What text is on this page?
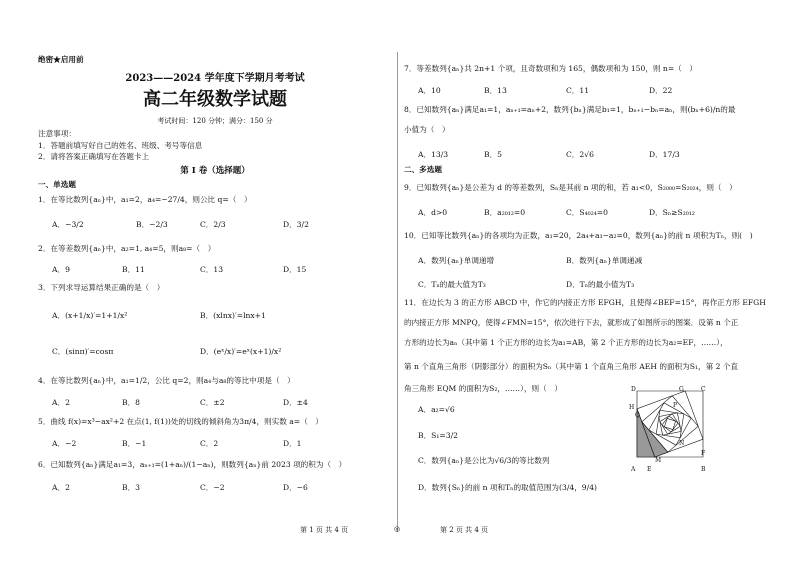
绝密★启用前
2023——2024 学年度下学期月考考试
高二年级数学试题
考试时间：120 分钟；满分：150 分
注意事项：
1．答题前填写好自己的姓名、班级、考号等信息
2．请将答案正确填写在答题卡上
第 I 卷（选择题）
一、单选题
1．在等比数列{aₙ}中，a₁=2，a₄=−27/4，则公比 q=（　）
A．−3/2	B．−2/3	C．2/3	D．3/2
2．在等差数列{aₙ}中，a₂=1, a₄=5，则a₈=（　）
A．9	B．11	C．13	D．15
3．下列求导运算结果正确的是（　）
A．(x+1/x)′=1+1/x²	B．(xlnx)′=lnx+1
C．(sinπ)′=cosπ	D．(eˣ/x)′=eˣ(x+1)/x²
4．在等比数列{aₙ}中，a₁=1/2，公比 q=2，则a₄与a₈的等比中项是（　）
A．2	B．8	C．±2	D．±4
5．曲线 f(x)=x³−ax²+2 在点(1, f(1))处的切线的倾斜角为3π/4，则实数 a=（　）
A．−2	B．−1	C．2	D．1
6．已知数列{aₙ}满足a₁=3，aₙ₊₁=(1+aₙ)/(1−aₙ)，则数列{aₙ}前 2023 项的积为（　）
A．2	B．3	C．−2	D．−6
7．等差数列{aₙ}共 2n+1 个项，且奇数项和为 165，偶数项和为 150，则 n=（　）
A．10	B．13	C．11	D．22
8．已知数列{aₙ}满足a₁=1，aₙ₊₁=aₙ+2，数列{bₙ}满足b₁=1，bₙ₊₁−bₙ=aₙ，则(bₙ+6)/n的最
小值为（　）
A．13/3	B．5	C．2√6	D．17/3
二、多选题
9．已知数列{aₙ}是公差为 d 的等差数列，Sₙ是其前 n 项的和，若 a₁<0，S₂₀₀₀=S₂₀₂₄，则（　）
A．d>0	B．a₂₀₁₂=0	C．S₄₀₂₄=0	D．Sₙ≥S₂₀₁₂
10．已知等比数列{aₙ}的各项均为正数，a₁=20，2a₄+a₃−a₂=0，数列{aₙ}的前 n 项积为Tₙ，则(　)
A．数列{aₙ}单调递增	B．数列{aₙ}单调递减
C．Tₙ的最大值为T₃	D．Tₙ的最小值为T₃
11．在边长为 3 的正方形 ABCD 中，作它的内接正方形 EFGH，且使得∠BEF=15°，再作正方形 EFGH
的内接正方形 MNPQ，使得∠FMN=15°，依次进行下去，就形成了如图所示的图案．设第 n 个正
方形的边长为aₙ（其中第 1 个正方形的边长为a₁=AB，第 2 个正方形的边长为a₂=EF，……），
第 n 个直角三角形（阴影部分）的面积为Sₙ（其中第 1 个直角三角形 AEH 的面积为S₁，第 2 个直
角三角形 EQM 的面积为S₂，……），则（　）
A．a₂=√6
B．S₁=3/2
C．数列{aₙ}是公比为√6/3的等比数列
D．数列{Sₙ}的前 n 项和Tₙ的取值范围为(3/4，9/4)
D	G	C
H
Q
P
F
M
N
A E	B
第 1 页 共 4 页	◎	第 2 页 共 4 页
